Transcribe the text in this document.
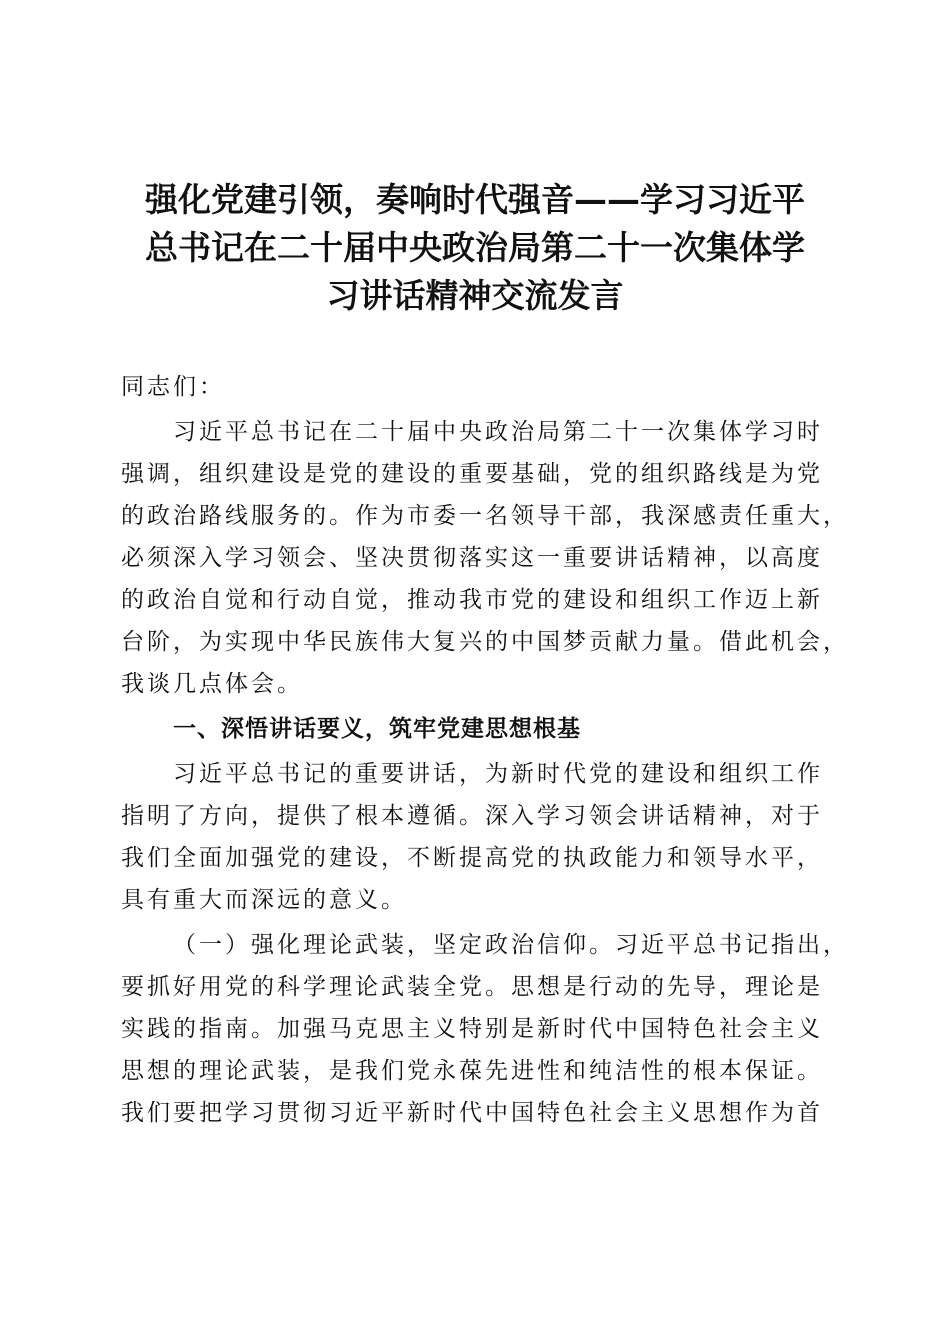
强化党建引领，奏响时代强音——学习习近平
总书记在二十届中央政治局第二十一次集体学
习讲话精神交流发言

同志们：

习近平总书记在二十届中央政治局第二十一次集体学习时
强调，组织建设是党的建设的重要基础，党的组织路线是为党
的政治路线服务的。作为市委一名领导干部，我深感责任重大，
必须深入学习领会、坚决贯彻落实这一重要讲话精神，以高度
的政治自觉和行动自觉，推动我市党的建设和组织工作迈上新
台阶，为实现中华民族伟大复兴的中国梦贡献力量。借此机会，
我谈几点体会。

一、深悟讲话要义，筑牢党建思想根基

习近平总书记的重要讲话，为新时代党的建设和组织工作
指明了方向，提供了根本遵循。深入学习领会讲话精神，对于
我们全面加强党的建设，不断提高党的执政能力和领导水平，
具有重大而深远的意义。

（一）强化理论武装，坚定政治信仰。习近平总书记指出，
要抓好用党的科学理论武装全党。思想是行动的先导，理论是
实践的指南。加强马克思主义特别是新时代中国特色社会主义
思想的理论武装，是我们党永葆先进性和纯洁性的根本保证。
我们要把学习贯彻习近平新时代中国特色社会主义思想作为首
